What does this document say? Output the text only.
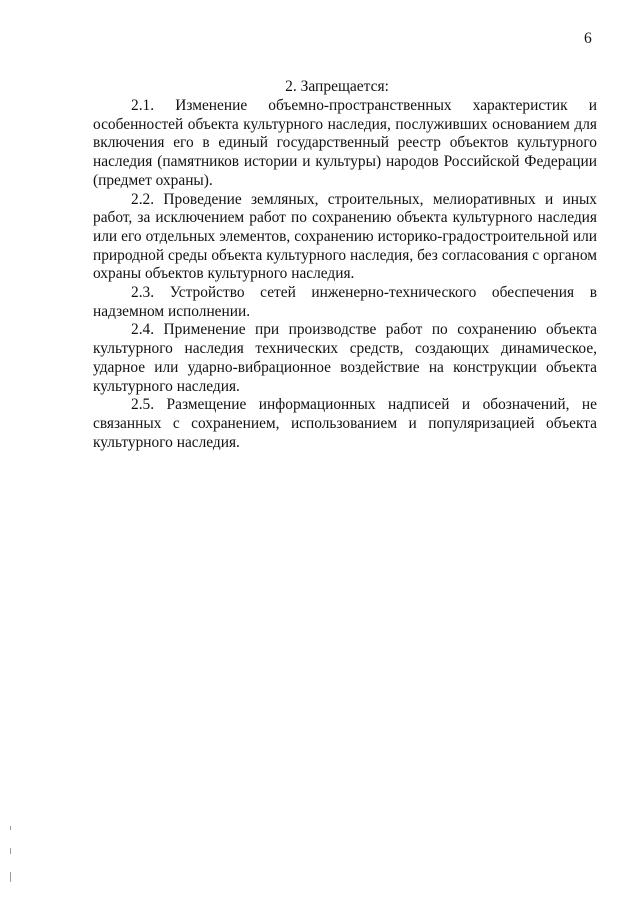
6
2. Запрещается:

2.1. Изменение объемно-пространственных характеристик и особенностей объекта культурного наследия, послуживших основанием для включения его в единый государственный реестр объектов культурного наследия (памятников истории и культуры) народов Российской Федерации (предмет охраны).

2.2. Проведение земляных, строительных, мелиоративных и иных работ, за исключением работ по сохранению объекта культурного наследия или его отдельных элементов, сохранению историко-градостроительной или природной среды объекта культурного наследия, без согласования с органом охраны объектов культурного наследия.

2.3. Устройство сетей инженерно-технического обеспечения в надземном исполнении.

2.4. Применение при производстве работ по сохранению объекта культурного наследия технических средств, создающих динамическое, ударное или ударно-вибрационное воздействие на конструкции объекта культурного наследия.

2.5. Размещение информационных надписей и обозначений, не связанных с сохранением, использованием и популяризацией объекта культурного наследия.
